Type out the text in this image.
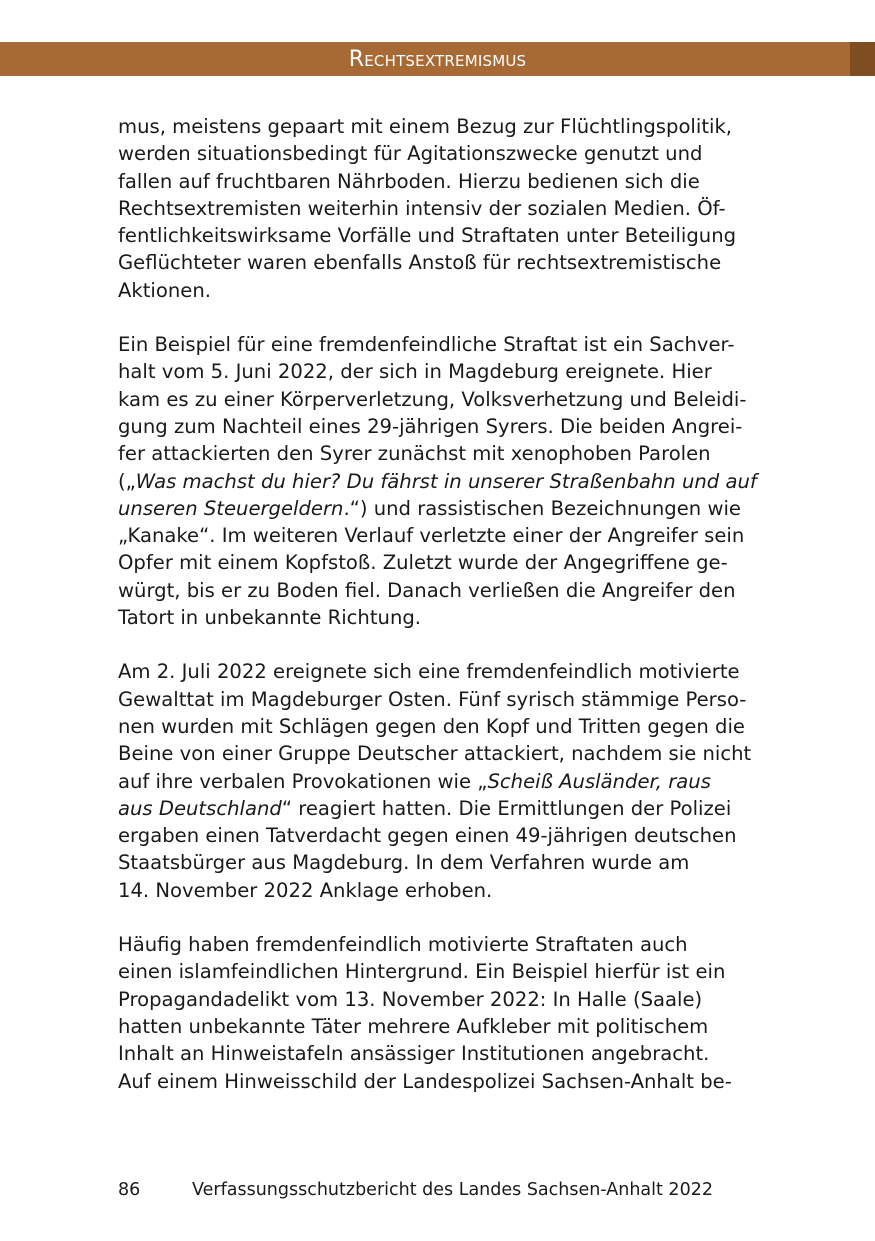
Rechtsextremismus
mus, meistens gepaart mit einem Bezug zur Flüchtlingspolitik,
werden situationsbedingt für Agitationszwecke genutzt und
fallen auf fruchtbaren Nährboden. Hierzu bedienen sich die
Rechtsextremisten weiterhin intensiv der sozialen Medien. Öf-
fentlichkeitswirksame Vorfälle und Straftaten unter Beteiligung
Geflüchteter waren ebenfalls Anstoß für rechtsextremistische
Aktionen.
Ein Beispiel für eine fremdenfeindliche Straftat ist ein Sachver-
halt vom 5. Juni 2022, der sich in Magdeburg ereignete. Hier
kam es zu einer Körperverletzung, Volksverhetzung und Beleidi-
gung zum Nachteil eines 29-jährigen Syrers. Die beiden Angrei-
fer attackierten den Syrer zunächst mit xenophoben Parolen
(„Was machst du hier? Du fährst in unserer Straßenbahn und auf
unseren Steuergeldern.“) und rassistischen Bezeichnungen wie
„Kanake“. Im weiteren Verlauf verletzte einer der Angreifer sein
Opfer mit einem Kopfstoß. Zuletzt wurde der Angegriffene ge-
würgt, bis er zu Boden fiel. Danach verließen die Angreifer den
Tatort in unbekannte Richtung.
Am 2. Juli 2022 ereignete sich eine fremdenfeindlich motivierte
Gewalttat im Magdeburger Osten. Fünf syrisch stämmige Perso-
nen wurden mit Schlägen gegen den Kopf und Tritten gegen die
Beine von einer Gruppe Deutscher attackiert, nachdem sie nicht
auf ihre verbalen Provokationen wie „Scheiß Ausländer, raus
aus Deutschland“ reagiert hatten. Die Ermittlungen der Polizei
ergaben einen Tatverdacht gegen einen 49-jährigen deutschen
Staatsbürger aus Magdeburg. In dem Verfahren wurde am
14. November 2022 Anklage erhoben.
Häufig haben fremdenfeindlich motivierte Straftaten auch
einen islamfeindlichen Hintergrund. Ein Beispiel hierfür ist ein
Propagandadelikt vom 13. November 2022: In Halle (Saale)
hatten unbekannte Täter mehrere Aufkleber mit politischem
Inhalt an Hinweistafeln ansässiger Institutionen angebracht.
Auf einem Hinweisschild der Landespolizei Sachsen-Anhalt be-
86	Verfassungsschutzbericht des Landes Sachsen-Anhalt 2022
